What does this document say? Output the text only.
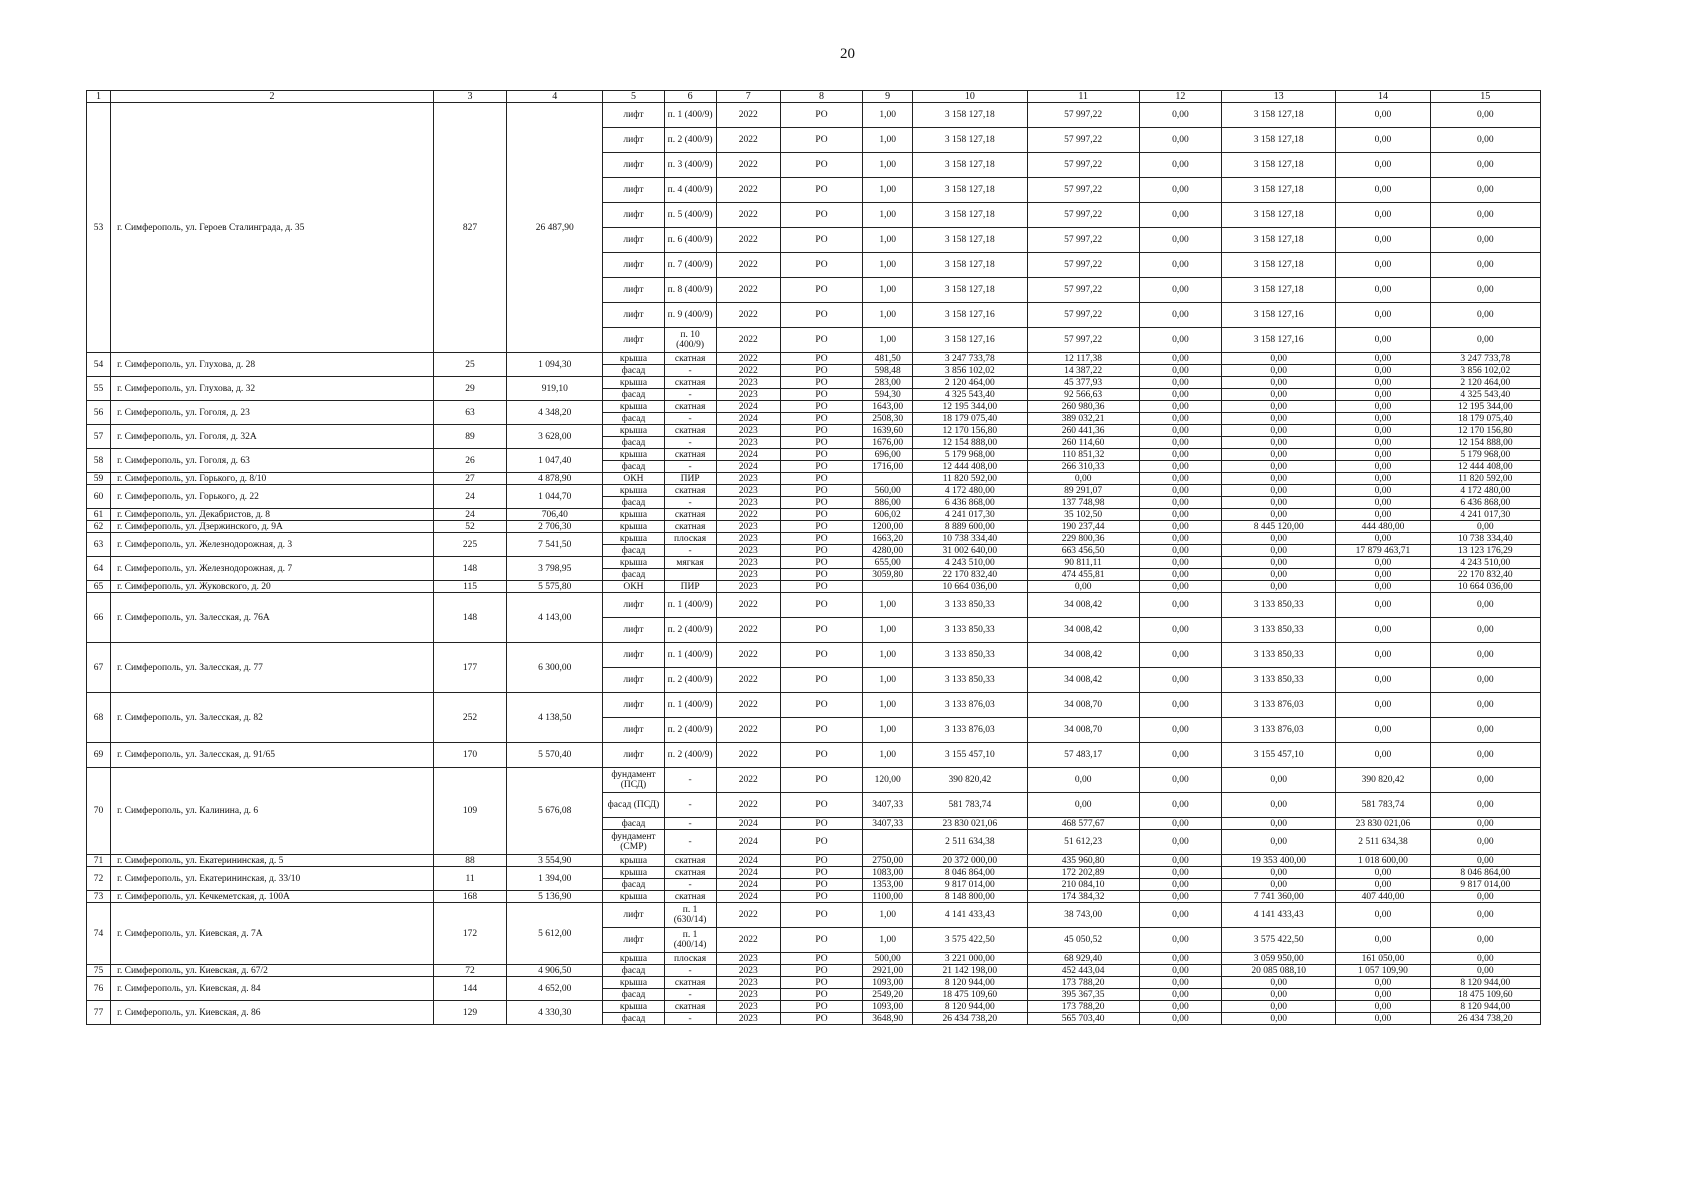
20
1	2	3	4	5	6	7	8	9	10	11	12	13	14	15
53	г. Симферополь, ул. Героев Сталинграда, д. 35	827	26 487,90	лифт	п. 1 (400/9)	2022	РО	1,00	3 158 127,18	57 997,22	0,00	3 158 127,18	0,00	0,00
				лифт	п. 2 (400/9)	2022	РО	1,00	3 158 127,18	57 997,22	0,00	3 158 127,18	0,00	0,00
				лифт	п. 3 (400/9)	2022	РО	1,00	3 158 127,18	57 997,22	0,00	3 158 127,18	0,00	0,00
				лифт	п. 4 (400/9)	2022	РО	1,00	3 158 127,18	57 997,22	0,00	3 158 127,18	0,00	0,00
				лифт	п. 5 (400/9)	2022	РО	1,00	3 158 127,18	57 997,22	0,00	3 158 127,18	0,00	0,00
				лифт	п. 6 (400/9)	2022	РО	1,00	3 158 127,18	57 997,22	0,00	3 158 127,18	0,00	0,00
				лифт	п. 7 (400/9)	2022	РО	1,00	3 158 127,18	57 997,22	0,00	3 158 127,18	0,00	0,00
				лифт	п. 8 (400/9)	2022	РО	1,00	3 158 127,18	57 997,22	0,00	3 158 127,18	0,00	0,00
				лифт	п. 9 (400/9)	2022	РО	1,00	3 158 127,16	57 997,22	0,00	3 158 127,16	0,00	0,00
				лифт	п. 10 (400/9)	2022	РО	1,00	3 158 127,16	57 997,22	0,00	3 158 127,16	0,00	0,00
54	г. Симферополь, ул. Глухова, д. 28	25	1 094,30	крыша	скатная	2022	РО	481,50	3 247 733,78	12 117,38	0,00	0,00	0,00	3 247 733,78
				фасад	-	2022	РО	598,48	3 856 102,02	14 387,22	0,00	0,00	0,00	3 856 102,02
55	г. Симферополь, ул. Глухова, д. 32	29	919,10	крыша	скатная	2023	РО	283,00	2 120 464,00	45 377,93	0,00	0,00	0,00	2 120 464,00
				фасад	-	2023	РО	594,30	4 325 543,40	92 566,63	0,00	0,00	0,00	4 325 543,40
56	г. Симферополь, ул. Гоголя, д. 23	63	4 348,20	крыша	скатная	2024	РО	1643,00	12 195 344,00	260 980,36	0,00	0,00	0,00	12 195 344,00
				фасад	-	2024	РО	2508,30	18 179 075,40	389 032,21	0,00	0,00	0,00	18 179 075,40
57	г. Симферополь, ул. Гоголя, д. 32А	89	3 628,00	крыша	скатная	2023	РО	1639,60	12 170 156,80	260 441,36	0,00	0,00	0,00	12 170 156,80
				фасад	-	2023	РО	1676,00	12 154 888,00	260 114,60	0,00	0,00	0,00	12 154 888,00
58	г. Симферополь, ул. Гоголя, д. 63	26	1 047,40	крыша	скатная	2024	РО	696,00	5 179 968,00	110 851,32	0,00	0,00	0,00	5 179 968,00
				фасад	-	2024	РО	1716,00	12 444 408,00	266 310,33	0,00	0,00	0,00	12 444 408,00
59	г. Симферополь, ул. Горького, д. 8/10	27	4 878,90	ОКН	ПИР	2023	РО		11 820 592,00	0,00	0,00	0,00	0,00	11 820 592,00
60	г. Симферополь, ул. Горького, д. 22	24	1 044,70	крыша	скатная	2023	РО	560,00	4 172 480,00	89 291,07	0,00	0,00	0,00	4 172 480,00
				фасад	-	2023	РО	886,00	6 436 868,00	137 748,98	0,00	0,00	0,00	6 436 868,00
61	г. Симферополь, ул. Декабристов, д. 8	24	706,40	крыша	скатная	2022	РО	606,02	4 241 017,30	35 102,50	0,00	0,00	0,00	4 241 017,30
62	г. Симферополь, ул. Дзержинского, д. 9А	52	2 706,30	крыша	скатная	2023	РО	1200,00	8 889 600,00	190 237,44	0,00	8 445 120,00	444 480,00	0,00
63	г. Симферополь, ул. Железнодорожная, д. 3	225	7 541,50	крыша	плоская	2023	РО	1663,20	10 738 334,40	229 800,36	0,00	0,00	0,00	10 738 334,40
				фасад	-	2023	РО	4280,00	31 002 640,00	663 456,50	0,00	0,00	17 879 463,71	13 123 176,29
64	г. Симферополь, ул. Железнодорожная, д. 7	148	3 798,95	крыша	мягкая	2023	РО	655,00	4 243 510,00	90 811,11	0,00	0,00	0,00	4 243 510,00
				фасад		2023	РО	3059,80	22 170 832,40	474 455,81	0,00	0,00	0,00	22 170 832,40
65	г. Симферополь, ул. Жуковского, д. 20	115	5 575,80	ОКН	ПИР	2023	РО		10 664 036,00	0,00	0,00	0,00	0,00	10 664 036,00
66	г. Симферополь, ул. Залесская, д. 76А	148	4 143,00	лифт	п. 1 (400/9)	2022	РО	1,00	3 133 850,33	34 008,42	0,00	3 133 850,33	0,00	0,00
				лифт	п. 2 (400/9)	2022	РО	1,00	3 133 850,33	34 008,42	0,00	3 133 850,33	0,00	0,00
67	г. Симферополь, ул. Залесская, д. 77	177	6 300,00	лифт	п. 1 (400/9)	2022	РО	1,00	3 133 850,33	34 008,42	0,00	3 133 850,33	0,00	0,00
				лифт	п. 2 (400/9)	2022	РО	1,00	3 133 850,33	34 008,42	0,00	3 133 850,33	0,00	0,00
68	г. Симферополь, ул. Залесская, д. 82	252	4 138,50	лифт	п. 1 (400/9)	2022	РО	1,00	3 133 876,03	34 008,70	0,00	3 133 876,03	0,00	0,00
				лифт	п. 2 (400/9)	2022	РО	1,00	3 133 876,03	34 008,70	0,00	3 133 876,03	0,00	0,00
69	г. Симферополь, ул. Залесская, д. 91/65	170	5 570,40	лифт	п. 2 (400/9)	2022	РО	1,00	3 155 457,10	57 483,17	0,00	3 155 457,10	0,00	0,00
70	г. Симферополь, ул. Калинина, д. 6	109	5 676,08	фундамент (ПСД)	-	2022	РО	120,00	390 820,42	0,00	0,00	0,00	390 820,42	0,00
				фасад (ПСД)	-	2022	РО	3407,33	581 783,74	0,00	0,00	0,00	581 783,74	0,00
				фасад	-	2024	РО	3407,33	23 830 021,06	468 577,67	0,00	0,00	23 830 021,06	0,00
				фундамент (СМР)	-	2024	РО		2 511 634,38	51 612,23	0,00	0,00	2 511 634,38	0,00
71	г. Симферополь, ул. Екатерининская, д. 5	88	3 554,90	крыша	скатная	2024	РО	2750,00	20 372 000,00	435 960,80	0,00	19 353 400,00	1 018 600,00	0,00
72	г. Симферополь, ул. Екатерининская, д. 33/10	11	1 394,00	крыша	скатная	2024	РО	1083,00	8 046 864,00	172 202,89	0,00	0,00	0,00	8 046 864,00
				фасад	-	2024	РО	1353,00	9 817 014,00	210 084,10	0,00	0,00	0,00	9 817 014,00
73	г. Симферополь, ул. Кечкеметская, д. 100А	168	5 136,90	крыша	скатная	2024	РО	1100,00	8 148 800,00	174 384,32	0,00	7 741 360,00	407 440,00	0,00
74	г. Симферополь, ул. Киевская, д. 7А	172	5 612,00	лифт	п. 1 (630/14)	2022	РО	1,00	4 141 433,43	38 743,00	0,00	4 141 433,43	0,00	0,00
				лифт	п. 1 (400/14)	2022	РО	1,00	3 575 422,50	45 050,52	0,00	3 575 422,50	0,00	0,00
				крыша	плоская	2023	РО	500,00	3 221 000,00	68 929,40	0,00	3 059 950,00	161 050,00	0,00
75	г. Симферополь, ул. Киевская, д. 67/2	72	4 906,50	фасад	-	2023	РО	2921,00	21 142 198,00	452 443,04	0,00	20 085 088,10	1 057 109,90	0,00
76	г. Симферополь, ул. Киевская, д. 84	144	4 652,00	крыша	скатная	2023	РО	1093,00	8 120 944,00	173 788,20	0,00	0,00	0,00	8 120 944,00
				фасад	-	2023	РО	2549,20	18 475 109,60	395 367,35	0,00	0,00	0,00	18 475 109,60
77	г. Симферополь, ул. Киевская, д. 86	129	4 330,30	крыша	скатная	2023	РО	1093,00	8 120 944,00	173 788,20	0,00	0,00	0,00	8 120 944,00
				фасад	-	2023	РО	3648,90	26 434 738,20	565 703,40	0,00	0,00	0,00	26 434 738,20
